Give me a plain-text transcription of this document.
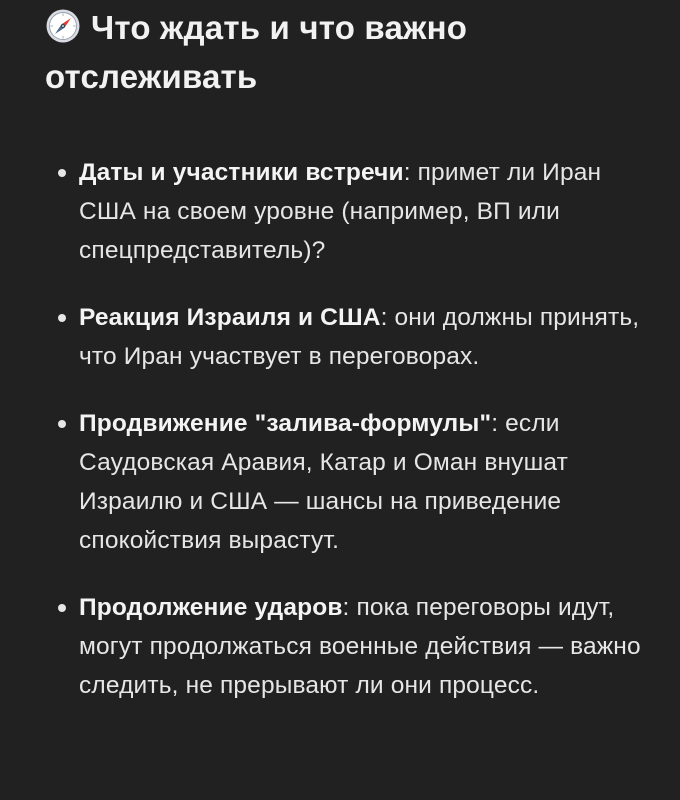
Что ждать и что важно отслеживать
Даты и участники встречи: примет ли Иран США на своем уровне (например, ВП или спецпредставитель)?
Реакция Израиля и США: они должны принять, что Иран участвует в переговорах.
Продвижение "залива‑формулы": если Саудовская Аравия, Катар и Оман внушат Израилю и США — шансы на приведение спокойствия вырастут.
Продолжение ударов: пока переговоры идут, могут продолжаться военные действия — важно следить, не прерывают ли они процесс.
